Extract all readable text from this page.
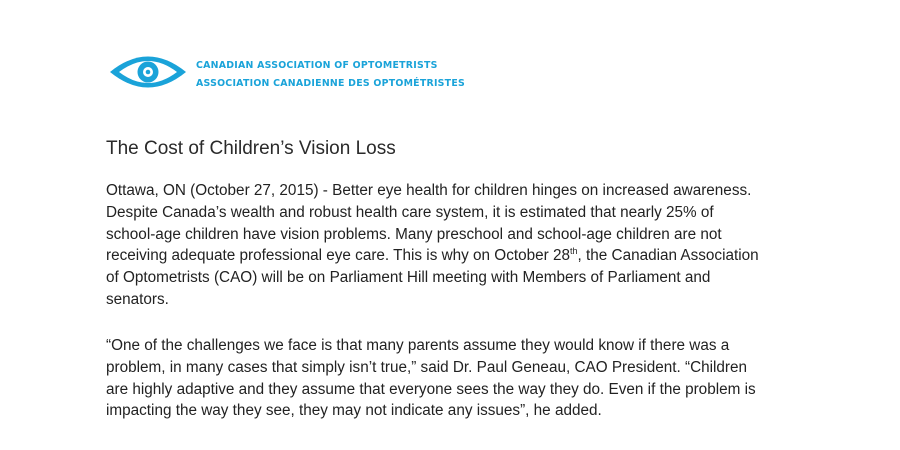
CANADIAN ASSOCIATION OF OPTOMETRISTS
ASSOCIATION CANADIENNE DES OPTOMÉTRISTES
The Cost of Children’s Vision Loss
Ottawa, ON (October 27, 2015) - Better eye health for children hinges on increased awareness.
Despite Canada’s wealth and robust health care system, it is estimated that nearly 25% of
school-age children have vision problems. Many preschool and school-age children are not
receiving adequate professional eye care. This is why on October 28th, the Canadian Association
of Optometrists (CAO) will be on Parliament Hill meeting with Members of Parliament and
senators.
“One of the challenges we face is that many parents assume they would know if there was a
problem, in many cases that simply isn’t true,” said Dr. Paul Geneau, CAO President. “Children
are highly adaptive and they assume that everyone sees the way they do. Even if the problem is
impacting the way they see, they may not indicate any issues”, he added.
